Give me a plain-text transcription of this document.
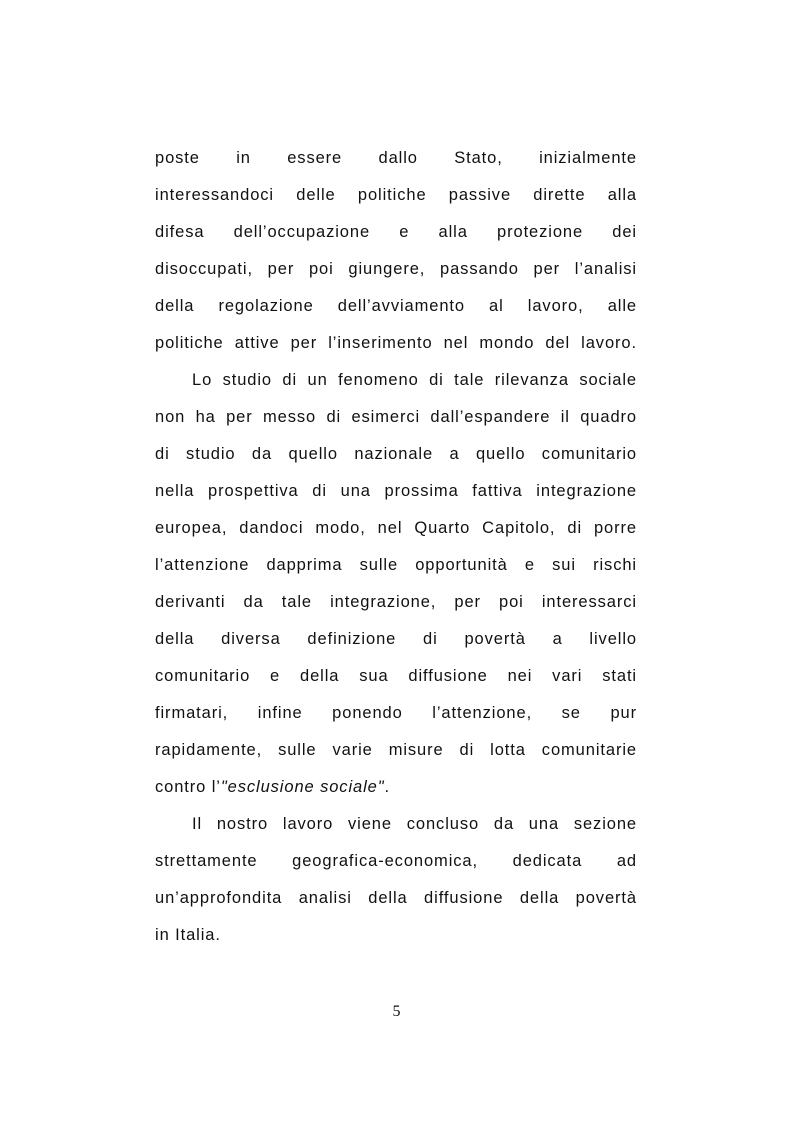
poste in essere dallo Stato, inizialmente
interessandoci delle politiche passive dirette alla
difesa dell’occupazione e alla protezione dei
disoccupati, per poi giungere, passando per l’analisi
della regolazione dell’avviamento al lavoro, alle
politiche attive per l’inserimento nel mondo del lavoro.
Lo studio di un fenomeno di tale rilevanza sociale
non ha per messo di esimerci dall’espandere il quadro
di studio da quello nazionale a quello comunitario
nella prospettiva di una prossima fattiva integrazione
europea, dandoci modo, nel Quarto Capitolo, di porre
l’attenzione dapprima sulle opportunità e sui rischi
derivanti da tale integrazione, per poi interessarci
della diversa definizione di povertà a livello
comunitario e della sua diffusione nei vari stati
firmatari, infine ponendo l’attenzione, se pur
rapidamente, sulle varie misure di lotta comunitarie
contro l’"esclusione sociale".
Il nostro lavoro viene concluso da una sezione
strettamente geografica-economica, dedicata ad
un’approfondita analisi della diffusione della povertà
in Italia.
5
